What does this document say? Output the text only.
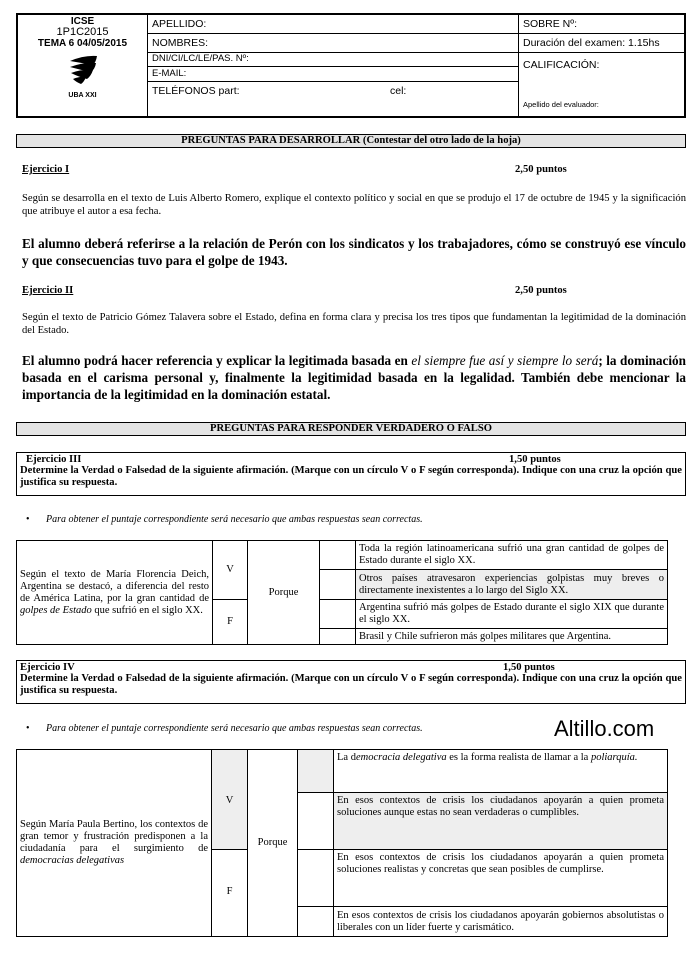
ICSE
1P1C2015
TEMA 6 04/05/2015
UBA XXI
APELLIDO:
NOMBRES:
DNI/CI/LC/LE/PAS. Nº:
E-MAIL:
TELÉFONOS part:	cel:
SOBRE Nº:
Duración del examen: 1.15hs
CALIFICACIÓN:
Apellido del evaluador:
PREGUNTAS PARA DESARROLLAR (Contestar del otro lado de la hoja)
Ejercicio I	2,50 puntos
Según se desarrolla en el texto de Luis Alberto Romero, explique el contexto político y social en que se produjo el 17 de octubre de 1945 y la significación que atribuye el autor a esa fecha.
El alumno deberá referirse a la relación de Perón con los sindicatos y los trabajadores, cómo se construyó ese vínculo y que consecuencias tuvo para el golpe de 1943.
Ejercicio II	2,50 puntos
Según el texto de Patricio Gómez Talavera sobre el Estado, defina en forma clara y precisa los tres tipos que fundamentan la legitimidad de la dominación del Estado.
El alumno podrá hacer referencia y explicar la legitimada basada en el siempre fue así y siempre lo será; la dominación basada en el carisma personal y, finalmente la legitimidad basada en la legalidad. También debe mencionar la importancia de la legitimidad en la dominación estatal.
PREGUNTAS PARA RESPONDER VERDADERO O FALSO
Ejercicio III	1,50 puntos
Determine la Verdad o Falsedad de la siguiente afirmación. (Marque con un círculo V o F según corresponda). Indique con una cruz la opción que justifica su respuesta.
• Para obtener el puntaje correspondiente será necesario que ambas respuestas sean correctas.
Según el texto de María Florencia Deich, Argentina se destacó, a diferencia del resto de América Latina, por la gran cantidad de golpes de Estado que sufrió en el siglo XX.	V	Porque		Toda la región latinoamericana sufrió una gran cantidad de golpes de Estado durante el siglo XX.
				Otros países atravesaron experiencias golpistas muy breves o directamente inexistentes a lo largo del Siglo XX.
	F			Argentina sufrió más golpes de Estado durante el siglo XIX que durante el siglo XX.
				Brasil y Chile sufrieron más golpes militares que Argentina.
Ejercicio IV	1,50 puntos
Determine la Verdad o Falsedad de la siguiente afirmación. (Marque con un círculo V o F según corresponda). Indique con una cruz la opción que justifica su respuesta.
• Para obtener el puntaje correspondiente será necesario que ambas respuestas sean correctas.	Altillo.com
Según María Paula Bertino, los contextos de gran temor y frustración predisponen a la ciudadanía para el surgimiento de democracias delegativas	V	Porque		La democracia delegativa es la forma realista de llamar a la poliarquía.
				En esos contextos de crisis los ciudadanos apoyarán a quien prometa soluciones aunque estas no sean verdaderas o cumplibles.
	F			En esos contextos de crisis los ciudadanos apoyarán a quien prometa soluciones realistas y concretas que sean posibles de cumplirse.
				En esos contextos de crisis los ciudadanos apoyarán gobiernos absolutistas o liberales con un líder fuerte y carismático.
